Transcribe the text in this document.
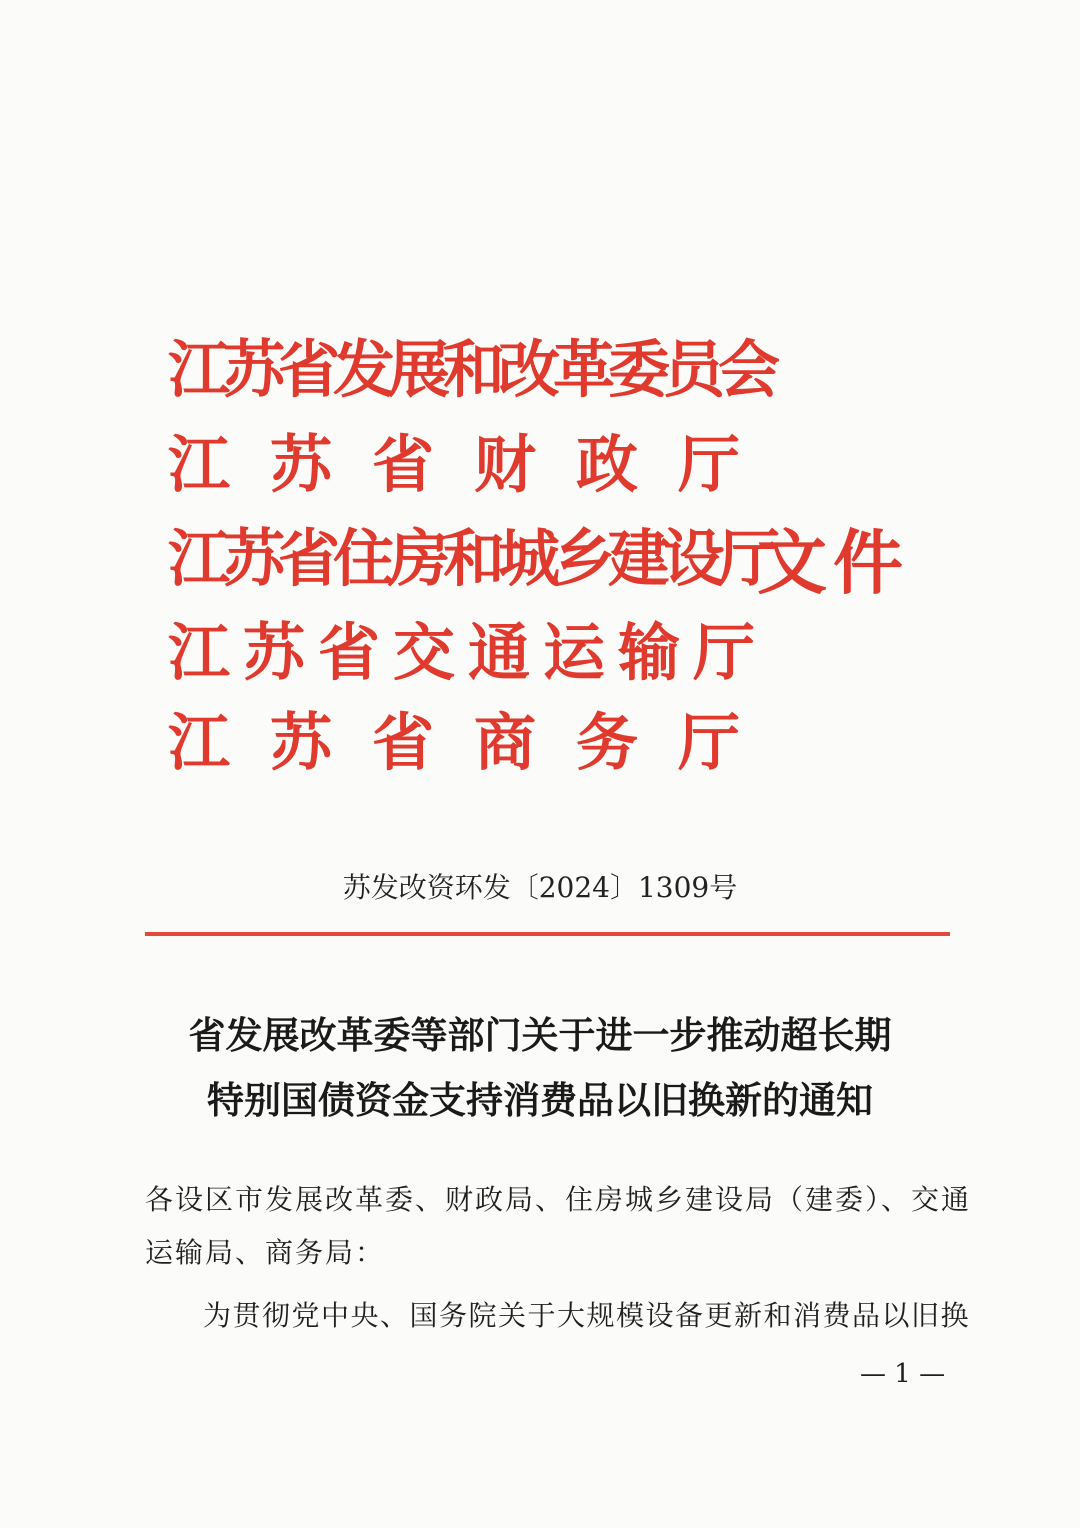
江苏省发展和改革委员会
江苏省财政厅
江苏省住房和城乡建设厅
江苏省交通运输厅
江苏省商务厅
文件
苏发改资环发〔2024〕1309号
省发展改革委等部门关于进一步推动超长期
特别国债资金支持消费品以旧换新的通知
各设区市发展改革委、财政局、住房城乡建设局（建委）、交通
运输局、商务局：
为贯彻党中央、国务院关于大规模设备更新和消费品以旧换
— 1 —
